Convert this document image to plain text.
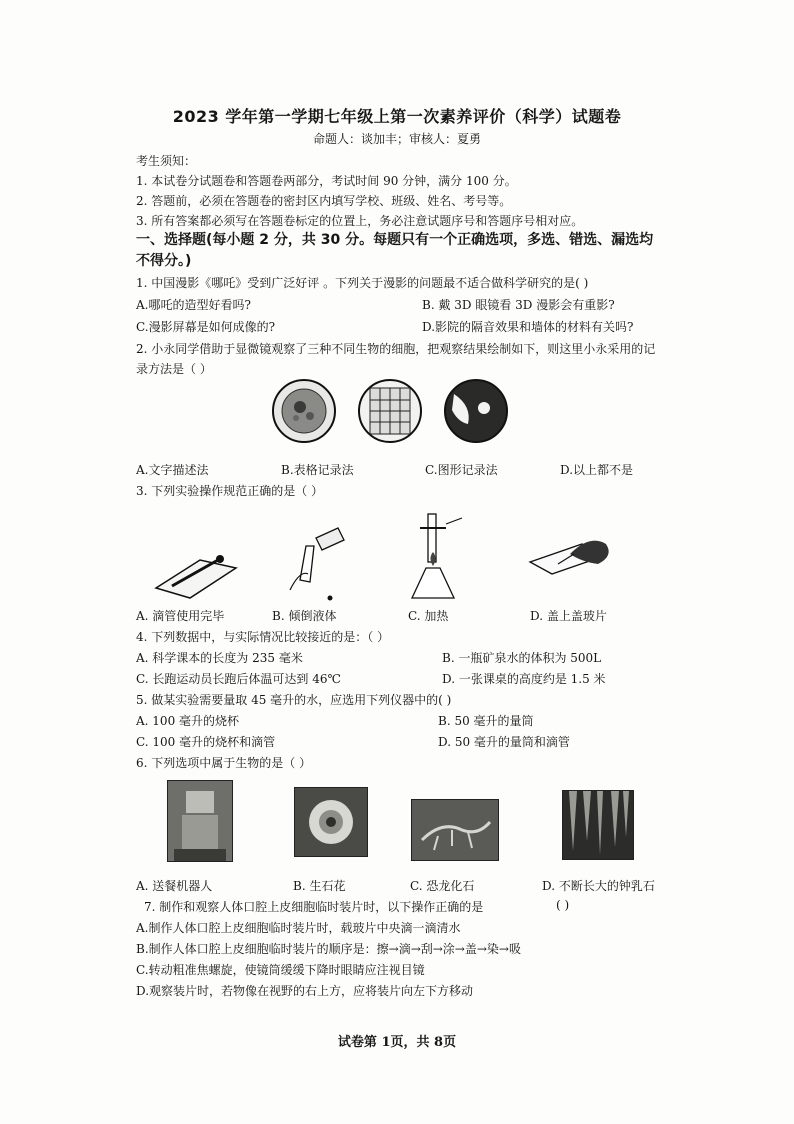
2023 学年第一学期七年级上第一次素养评价（科学）试题卷
命题人：谈加丰；审核人：夏勇
考生须知：
1. 本试卷分试题卷和答题卷两部分，考试时间 90 分钟，满分 100 分。
2. 答题前，必须在答题卷的密封区内填写学校、班级、姓名、考号等。
3. 所有答案都必须写在答题卷标定的位置上，务必注意试题序号和答题序号相对应。
一、选择题(每小题 2 分，共 30 分。每题只有一个正确选项，多选、错选、漏选均不得分。)
1. 中国漫影《哪吒》受到广泛好评 。下列关于漫影的问题最不适合做科学研究的是( )
A.哪吒的造型好看吗?	B. 戴 3D 眼镜看 3D 漫影会有重影?
C.漫影屏幕是如何成像的?	D.影院的隔音效果和墙体的材料有关吗?
2. 小永同学借助于显微镜观察了三种不同生物的细胞，把观察结果绘制如下，则这里小永采用的记
录方法是（ ）
A.文字描述法	B.表格记录法	C.图形记录法	D.以上都不是
3. 下列实验操作规范正确的是（ ）
A. 滴管使用完毕	B. 倾倒液体	C. 加热	D. 盖上盖玻片
4. 下列数据中，与实际情况比较接近的是：（ ）
A. 科学课本的长度为 235 毫米	B. 一瓶矿泉水的体积为 500L
C. 长跑运动员长跑后体温可达到 46℃	D. 一张课桌的高度约是 1.5 米
5. 做某实验需要量取 45 毫升的水，应选用下列仪器中的( )
A. 100 毫升的烧杯	B. 50 毫升的量筒
C. 100 毫升的烧杯和滴管	D. 50 毫升的量筒和滴管
6. 下列选项中属于生物的是（ ）
A. 送餐机器人	B. 生石花	C. 恐龙化石	D. 不断长大的钟乳石
7. 制作和观察人体口腔上皮细胞临时装片时，以下操作正确的是	( )
A.制作人体口腔上皮细胞临时装片时，载玻片中央滴一滴清水
B.制作人体口腔上皮细胞临时装片的顺序是：擦→滴→刮→涂→盖→染→吸
C.转动粗准焦螺旋，使镜筒缓缓下降时眼睛应注视目镜
D.观察装片时，若物像在视野的右上方，应将装片向左下方移动
试卷第 1页，共 8页
